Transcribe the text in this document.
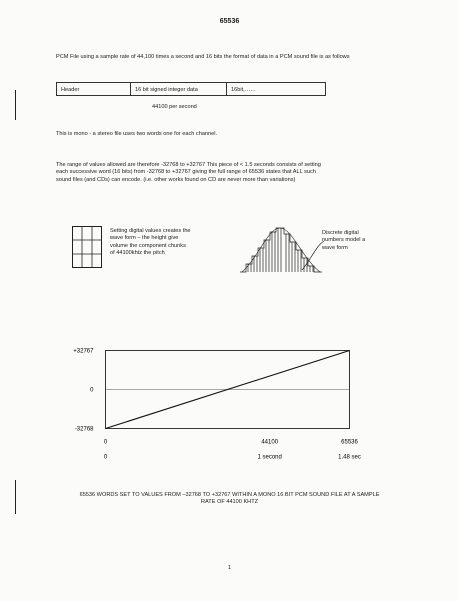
65536
PCM File using a sample rate of 44,100 times a second and 16 bits the format of data in a PCM sound file is as follows
Header	16 bit signed integer data	16bit,……
44100 per second
This is mono - a stereo file uses two words one for each channel.
The range of values allowed are therefore -32768 to +32767 This piece of < 1.5 seconds consists of setting
each successive word (16 bits) from -32768 to +32767 giving the full range of 65536 states that ALL such
sound files (and CDs) can encode. (i.e. other works found on CD are never more than variations)
Setting digital values creates the
wave form – the height give
volume the component chunks
of 44100khtz the pitch
Discrete digital
numbers model a
wave form
+32767
0
-32768
0	44100	65536
0	1 second	1.48 sec
65536 WORDS SET TO VALUES FROM –32768 TO +32767 WITHIN A MONO 16 BIT PCM SOUND FILE AT A SAMPLE
RATE OF 44100 KHTZ
1
